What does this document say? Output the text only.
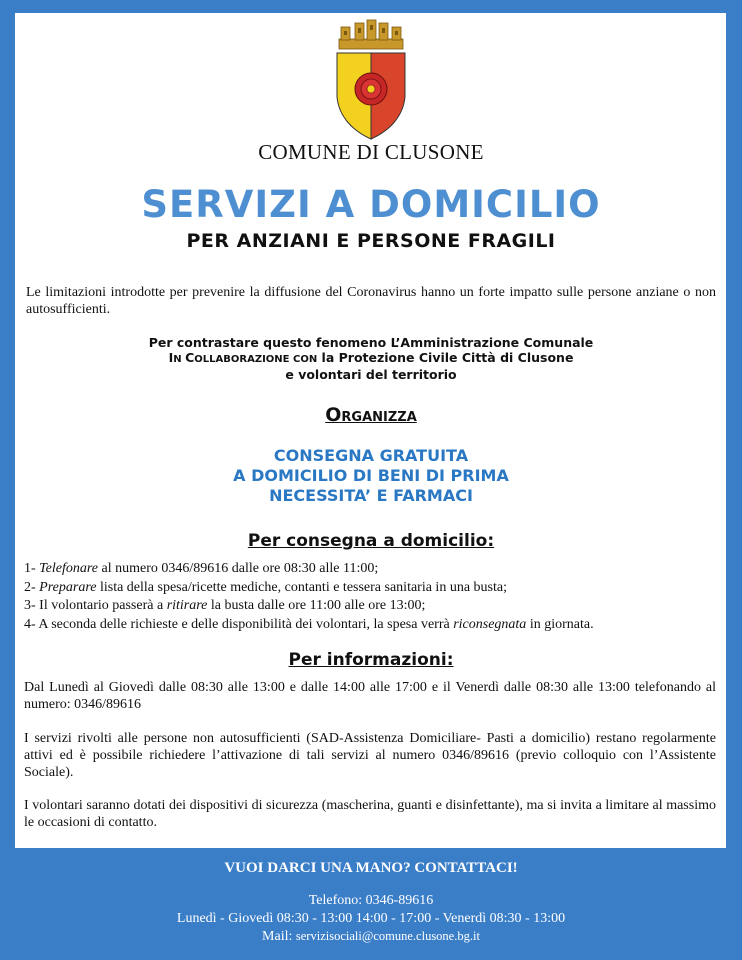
COMUNE DI CLUSONE
SERVIZI A DOMICILIO
PER ANZIANI E PERSONE FRAGILI
Le limitazioni introdotte per prevenire la diffusione del Coronavirus hanno un forte impatto sulle persone anziane o non autosufficienti.
Per contrastare questo fenomeno L’Amministrazione Comunale
IN COLLABORAZIONE CON la Protezione Civile Città di Clusone
e volontari del territorio
Organizza
CONSEGNA GRATUITA
A DOMICILIO DI BENI DI PRIMA
NECESSITA’ E FARMACI
Per consegna a domicilio:
1- Telefonare al numero 0346/89616 dalle ore 08:30 alle 11:00;
2- Preparare lista della spesa/ricette mediche, contanti e tessera sanitaria in una busta;
3- Il volontario passerà a ritirare la busta dalle ore 11:00 alle ore 13:00;
4- A seconda delle richieste e delle disponibilità dei volontari, la spesa verrà riconsegnata in giornata.
Per informazioni:
Dal Lunedì al Giovedì dalle 08:30 alle 13:00 e dalle 14:00 alle 17:00 e il Venerdì dalle 08:30 alle 13:00 telefonando al numero: 0346/89616
I servizi rivolti alle persone non autosufficienti (SAD-Assistenza Domiciliare- Pasti a domicilio) restano regolarmente attivi ed è possibile richiedere l’attivazione di tali servizi al numero 0346/89616 (previo colloquio con l’Assistente Sociale).
I volontari saranno dotati dei dispositivi di sicurezza (mascherina, guanti e disinfettante), ma si invita a limitare al massimo le occasioni di contatto.
VUOI DARCI UNA MANO? CONTATTACI!
Telefono: 0346-89616
Lunedì - Giovedì 08:30 - 13:00 14:00 - 17:00 - Venerdì 08:30 - 13:00
Mail: servizisociali@comune.clusone.bg.it
